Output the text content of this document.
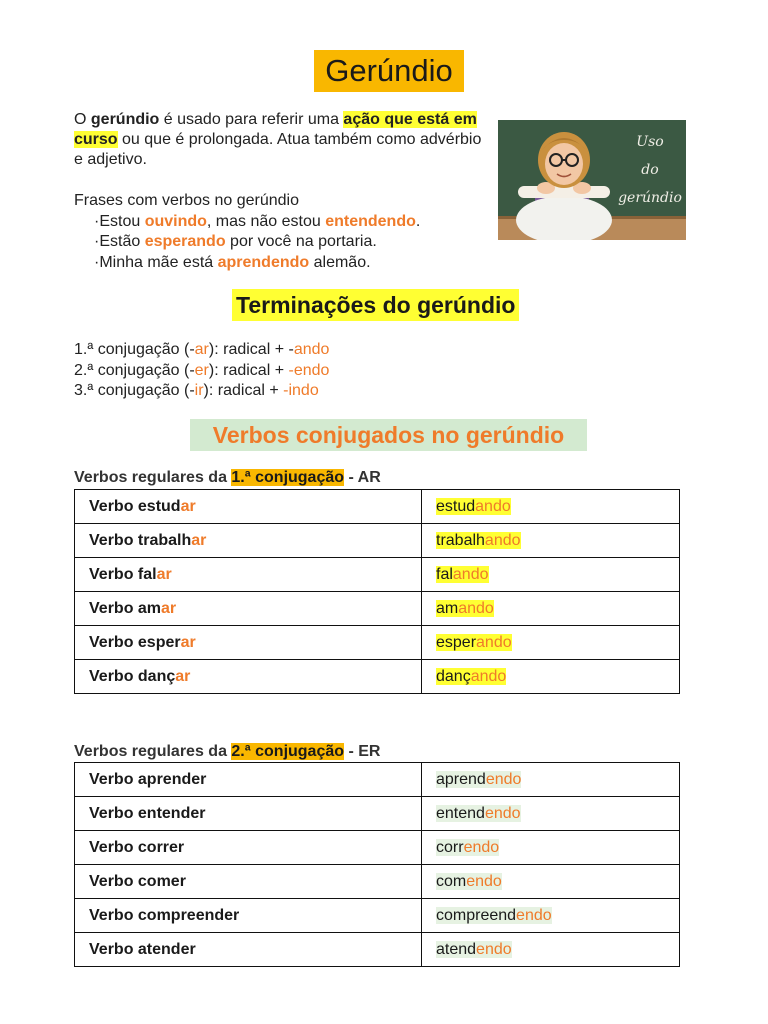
Gerúndio
O gerúndio é usado para referir uma ação que está em curso ou que é prolongada. Atua também como advérbio e adjetivo.
Uso
do
gerúndio
Frases com verbos no gerúndio
·Estou ouvindo, mas não estou entendendo.
·Estão esperando por você na portaria.
·Minha mãe está aprendendo alemão.
Terminações do gerúndio
1.ª conjugação (-ar): radical + -ando
2.ª conjugação (-er): radical + -endo
3.ª conjugação (-ir): radical + -indo
Verbos conjugados no gerúndio
Verbos regulares da 1.ª conjugação - AR
Verbo estudar	estudando
Verbo trabalhar	trabalhando
Verbo falar	falando
Verbo amar	amando
Verbo esperar	esperando
Verbo dançar	dançando
Verbos regulares da 2.ª conjugação - ER
Verbo aprender	aprendendo
Verbo entender	entendendo
Verbo correr	correndo
Verbo comer	comendo
Verbo compreender	compreendendo
Verbo atender	atendendo
